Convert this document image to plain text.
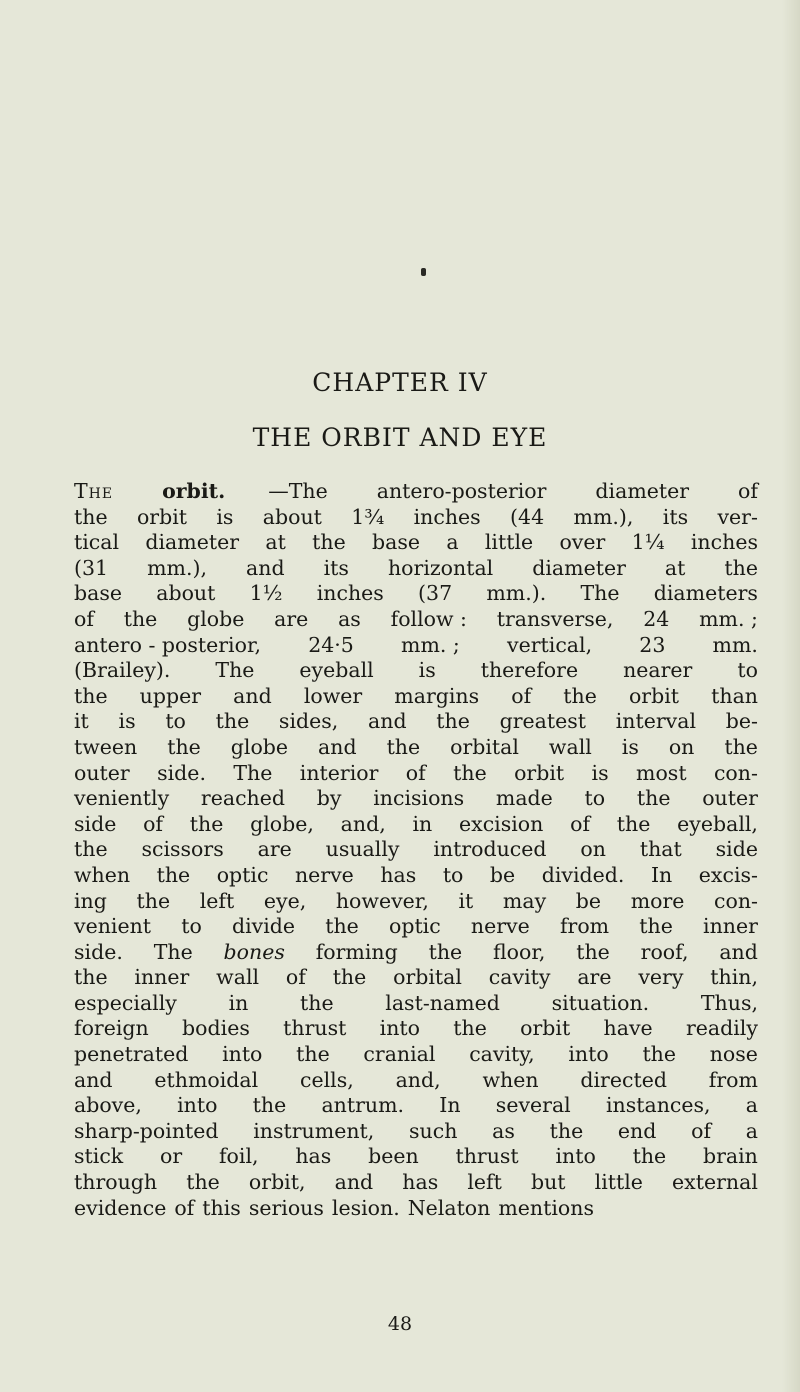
CHAPTER IV
THE ORBIT AND EYE
The orbit. —The antero-posterior diameter of
the orbit is about 1¾ inches (44 mm.), its ver-
tical diameter at the base a little over 1¼ inches
(31 mm.), and its horizontal diameter at the
base about 1½ inches (37 mm.). The diameters
of the globe are as follow : transverse, 24 mm. ;
antero - posterior, 24·5 mm. ; vertical, 23 mm.
(Brailey). The eyeball is therefore nearer to
the upper and lower margins of the orbit than
it is to the sides, and the greatest interval be-
tween the globe and the orbital wall is on the
outer side. The interior of the orbit is most con-
veniently reached by incisions made to the outer
side of the globe, and, in excision of the eyeball,
the scissors are usually introduced on that side
when the optic nerve has to be divided. In excis-
ing the left eye, however, it may be more con-
venient to divide the optic nerve from the inner
side. The bones forming the floor, the roof, and
the inner wall of the orbital cavity are very thin,
especially	in	the	last-named	situation.	Thus,
foreign bodies thrust into the orbit have readily
penetrated into the cranial cavity, into the nose
and ethmoidal cells, and, when directed from
above, into the antrum. In several instances, a
sharp-pointed instrument, such as the end of a
stick or foil, has been thrust into the brain
through the orbit, and has left but little external
evidence of this serious lesion. Nelaton mentions
48
